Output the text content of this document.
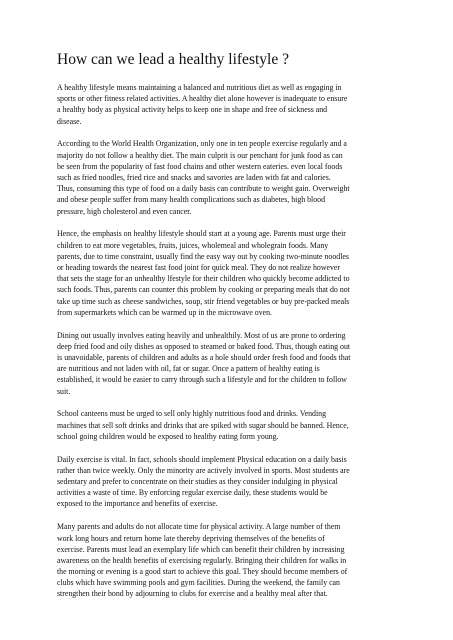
How can we lead a healthy lifestyle ?

A healthy lifestyle means maintaining a balanced and nutritious diet as well as engaging in
sports or other fitness related activities. A healthy diet alone however is inadequate to ensure
a healthy body as physical activity helps to keep one in shape and free of sickness and
disease.

According to the World Health Organization, only one in ten people exercise regularly and a
majority do not follow a healthy diet. The main culprit is our penchant for junk food as can
be seen from the popularity of fast food chains and other western eateries. even local foods
such as fried noodles, fried rice and snacks and savories are laden with fat and calories.
Thus, consuming this type of food on a daily basis can contribute to weight gain. Overweight
and obese people suffer from many health complications such as diabetes, high blood
pressure, high cholesterol and even cancer.

Hence, the emphasis on healthy lifestyle should start at a young age. Parents must urge their
children to eat more vegetables, fruits, juices, wholemeal and wholegrain foods. Many
parents, due to time constraint, usually find the easy way out by cooking two-minute noodles
or heading towards the nearest fast food joint for quick meal. They do not realize however
that sets the stage for an unhealthy lfestyle for their children who quickly become addicted to
such foods. Thus, parents can counter this problem by cooking or preparing meals that do not
take up time such as cheese sandwiches, soup, stir friend vegetables or buy pre-packed meals
from supermarkets which can be warmed up in the microwave oven.

Dining out usually involves eating heavily and unhealthily. Most of us are prone to ordering
deep fried food and oily dishes as opposed to steamed or baked food. Thus, though eating out
is unavoidable, parents of children and adults as a hole should order fresh food and foods that
are nutritious and not laden with oil, fat or sugar. Once a pattern of healthy eating is
established, it would be easier to carry through such a lifestyle and for the children to follow
suit.

School canteens must be urged to sell only highly nutritious food and drinks. Vending
machines that sell soft drinks and drinks that are spiked with sugar should be banned. Hence,
school going children would be exposed to healthy eating form young.

Daily exercise is vital. In fact, schools should implement Physical education on a daily basis
rather than twice weekly. Only the minority are actively involved in sports. Most students are
sedentary and prefer to concentrate on their studies as they consider indulging in physical
activities a waste of time. By enforcing regular exercise daily, these students would be
exposed to the importance and benefits of exercise.

Many parents and adults do not allocate time for physical activity. A large number of them
work long hours and return home late thereby depriving themselves of the benefits of
exercise. Parents must lead an exemplary life which can benefit their children by increasing
awareness on the health benefits of exercising regularly. Bringing their children for walks in
the morning or evening is a good start to achieve this goal. They should become members of
clubs which have swimming pools and gym facilities. During the weekend, the family can
strengthen their bond by adjourning to clubs for exercise and a healthy meal after that.
